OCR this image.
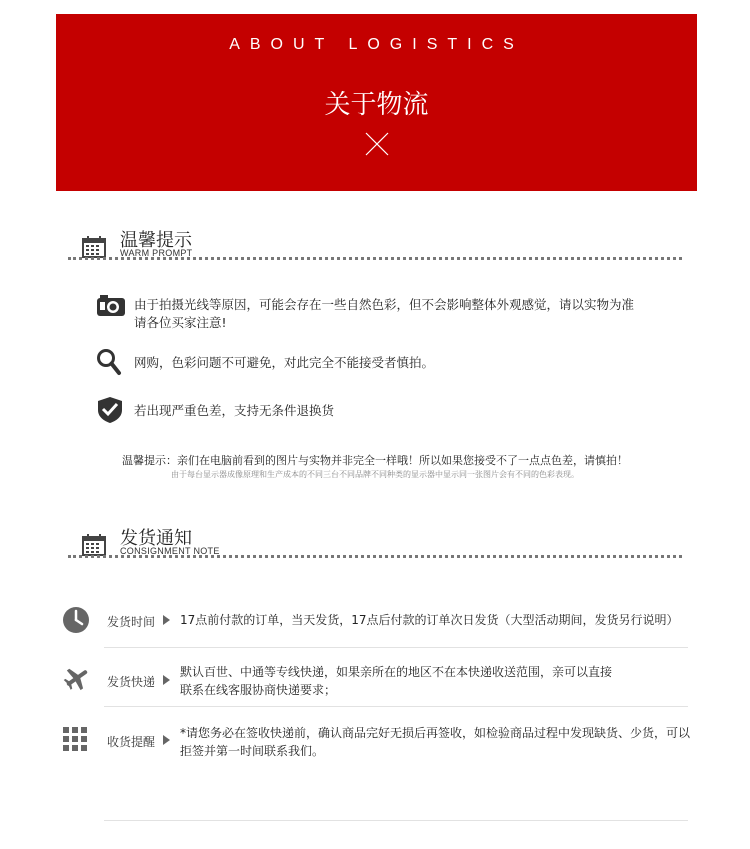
ABOUT LOGISTICS
关于物流
温馨提示
WARM PROMPT
由于拍摄光线等原因，可能会存在一些自然色彩，但不会影响整体外观感觉，请以实物为准
请各位买家注意!
网购，色彩问题不可避免，对此完全不能接受者慎拍。
若出现严重色差，支持无条件退换货
温馨提示：亲们在电脑前看到的图片与实物并非完全一样哦！所以如果您接受不了一点点色差，请慎拍！
由于每台显示器成像原理和生产成本的不同三台不同品牌不同种类的显示器中显示同一张图片会有不同的色彩表现。
发货通知
CONSIGNMENT NOTE
发货时间 17点前付款的订单，当天发货，17点后付款的订单次日发货（大型活动期间，发货另行说明）
发货快递
默认百世、中通等专线快递，如果亲所在的地区不在本快递收送范围，亲可以直接
联系在线客服协商快递要求；
收货提醒
*请您务必在签收快递前，确认商品完好无损后再签收，如检验商品过程中发现缺货、少货，可以
拒签并第一时间联系我们。
